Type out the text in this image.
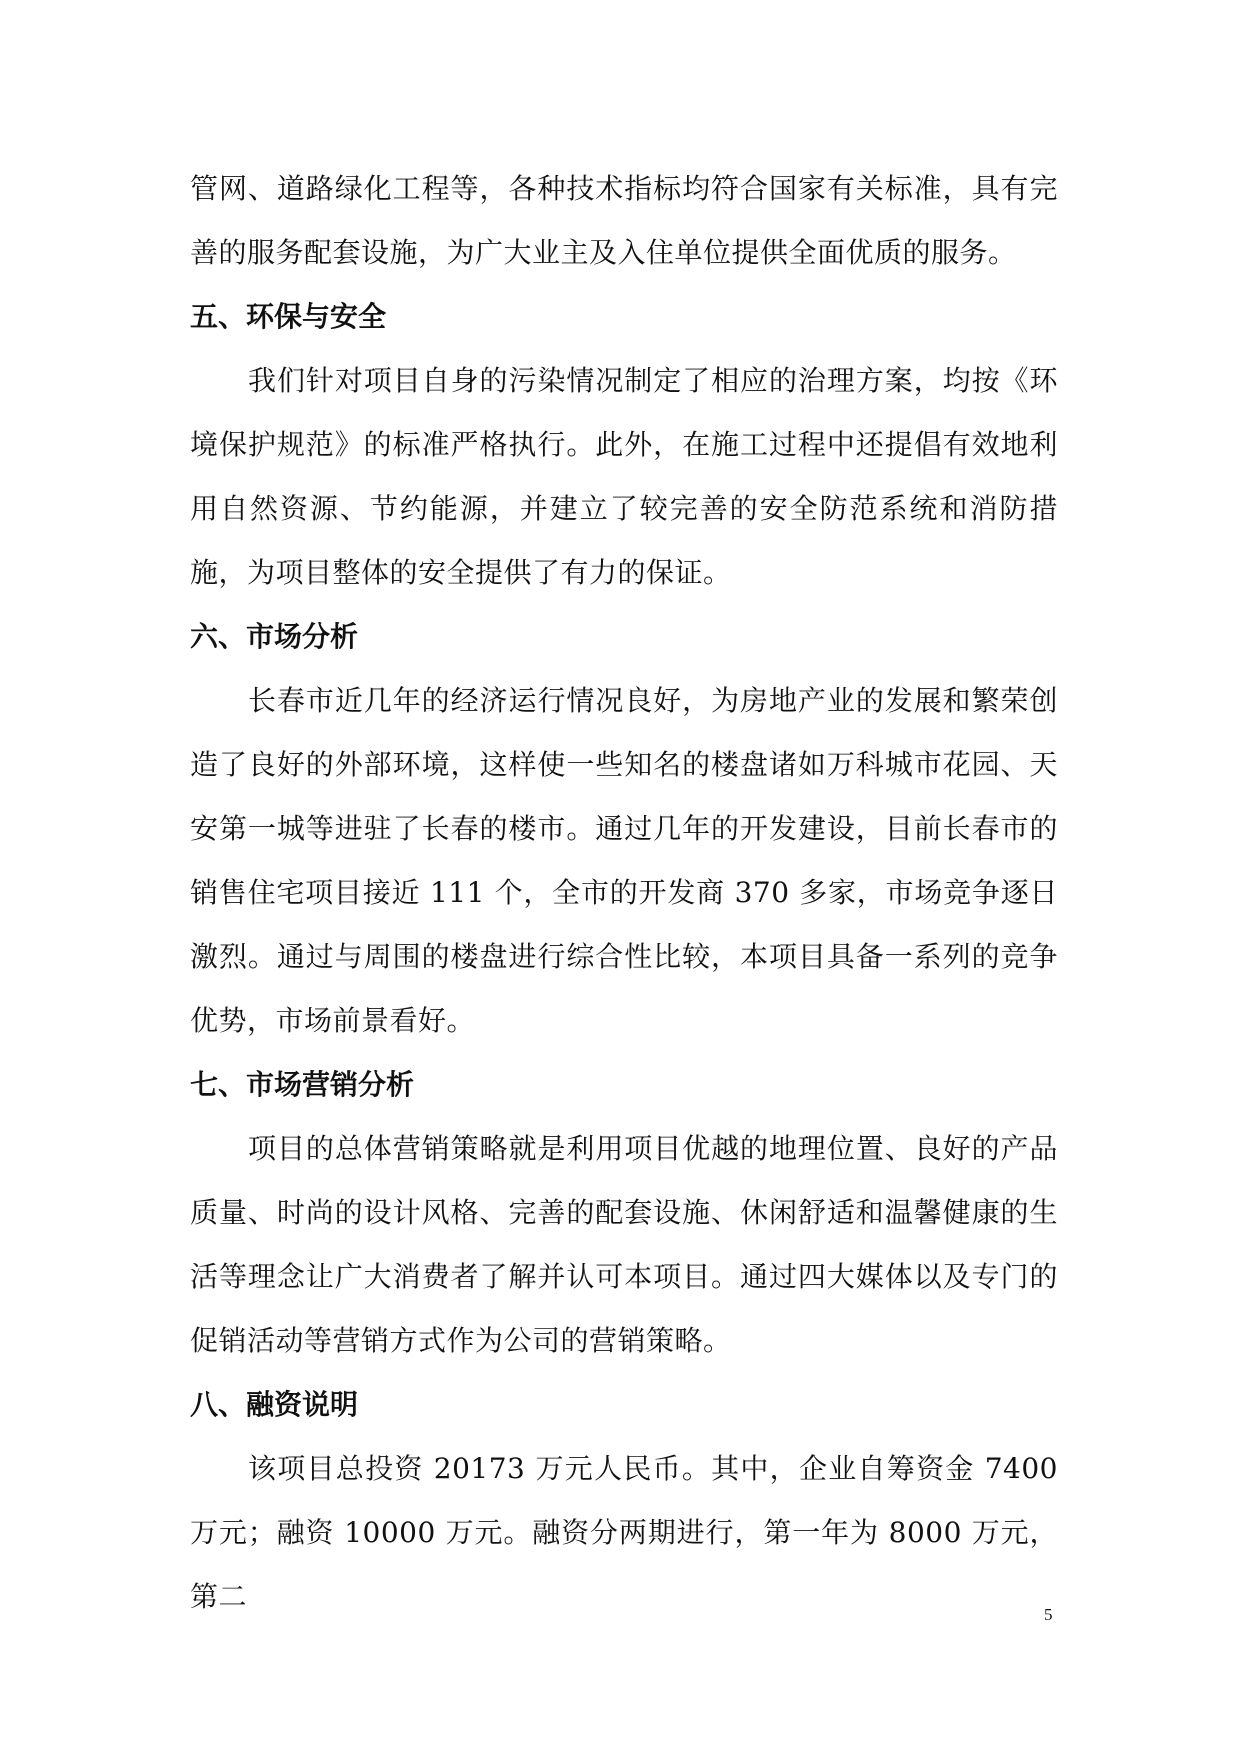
管网、道路绿化工程等，各种技术指标均符合国家有关标准，具有完善的服务配套设施，为广大业主及入住单位提供全面优质的服务。

五、环保与安全

我们针对项目自身的污染情况制定了相应的治理方案，均按《环境保护规范》的标准严格执行。此外，在施工过程中还提倡有效地利用自然资源、节约能源，并建立了较完善的安全防范系统和消防措施，为项目整体的安全提供了有力的保证。

六、市场分析

长春市近几年的经济运行情况良好，为房地产业的发展和繁荣创造了良好的外部环境，这样使一些知名的楼盘诸如万科城市花园、天安第一城等进驻了长春的楼市。通过几年的开发建设，目前长春市的销售住宅项目接近 111 个，全市的开发商 370 多家，市场竞争逐日激烈。通过与周围的楼盘进行综合性比较，本项目具备一系列的竞争优势，市场前景看好。

七、市场营销分析

项目的总体营销策略就是利用项目优越的地理位置、良好的产品质量、时尚的设计风格、完善的配套设施、休闲舒适和温馨健康的生活等理念让广大消费者了解并认可本项目。通过四大媒体以及专门的促销活动等营销方式作为公司的营销策略。

八、融资说明

该项目总投资 20173 万元人民币。其中，企业自筹资金 7400 万元；融资 10000 万元。融资分两期进行，第一年为 8000 万元，第二

5
